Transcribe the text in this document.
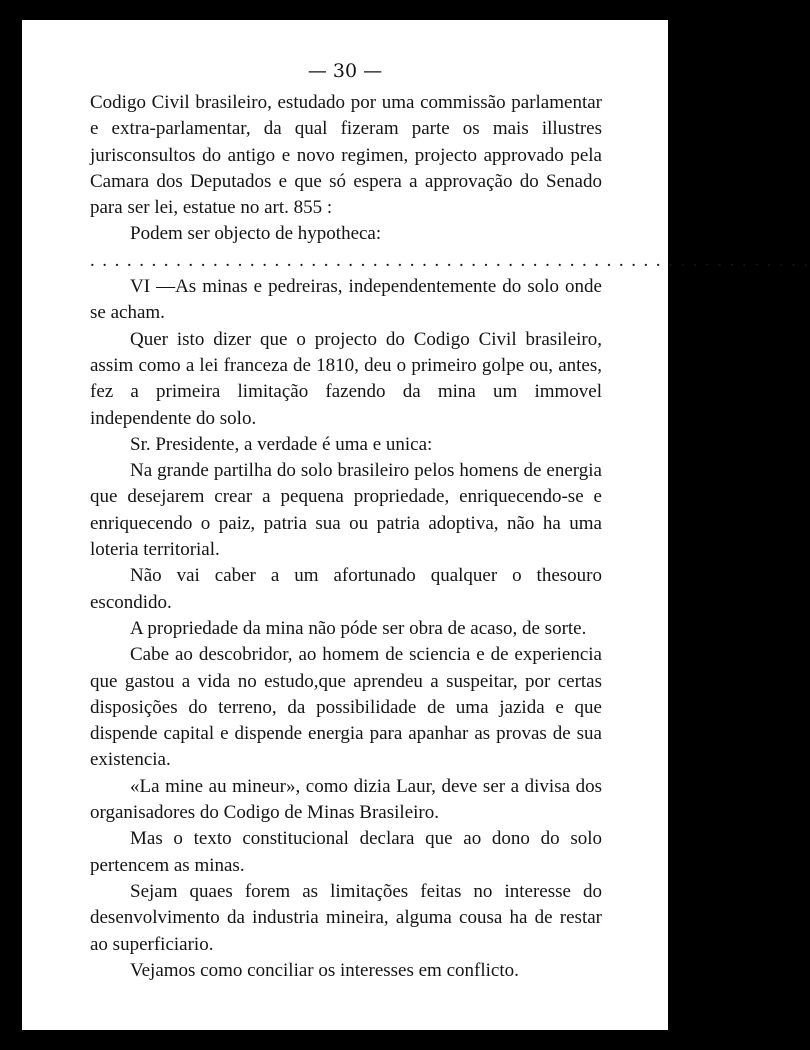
— 30 —

Codigo Civil brasileiro, estudado por uma commissão parlamentar e extra-parlamentar, da qual fizeram parte os mais illustres jurisconsultos do antigo e novo regimen, projecto approvado pela Camara dos Deputados e que só espera a approvação do Senado para ser lei, estatue no art. 855 :

Podem ser objecto de hypotheca:

. . . . . . . . . . . . . . . . . . . . . . . . . . . . . . . . . . . . . . . . . . . . . . . . . . . . . . . . . . .

VI —As minas e pedreiras, independentemente do solo onde se acham.

Quer isto dizer que o projecto do Codigo Civil brasileiro, assim como a lei franceza de 1810, deu o primeiro golpe ou, antes, fez a primeira limitação fazendo da mina um immovel independente do solo.

Sr. Presidente, a verdade é uma e unica:

Na grande partilha do solo brasileiro pelos homens de energia que desejarem crear a pequena propriedade, enriquecendo-se e enriquecendo o paiz, patria sua ou patria adoptiva, não ha uma loteria territorial.

Não vai caber a um afortunado qualquer o thesouro escondido.

A propriedade da mina não póde ser obra de acaso, de sorte.

Cabe ao descobridor, ao homem de sciencia e de experiencia que gastou a vida no estudo,que aprendeu a suspeitar, por certas disposições do terreno, da possibilidade de uma jazida e que dispende capital e dispende energia para apanhar as provas de sua existencia.

«La mine au mineur», como dizia Laur, deve ser a divisa dos organisadores do Codigo de Minas Brasileiro.

Mas o texto constitucional declara que ao dono do solo pertencem as minas.

Sejam quaes forem as limitações feitas no interesse do desenvolvimento da industria mineira, alguma cousa ha de restar ao superficiario.

Vejamos como conciliar os interesses em conflicto.
